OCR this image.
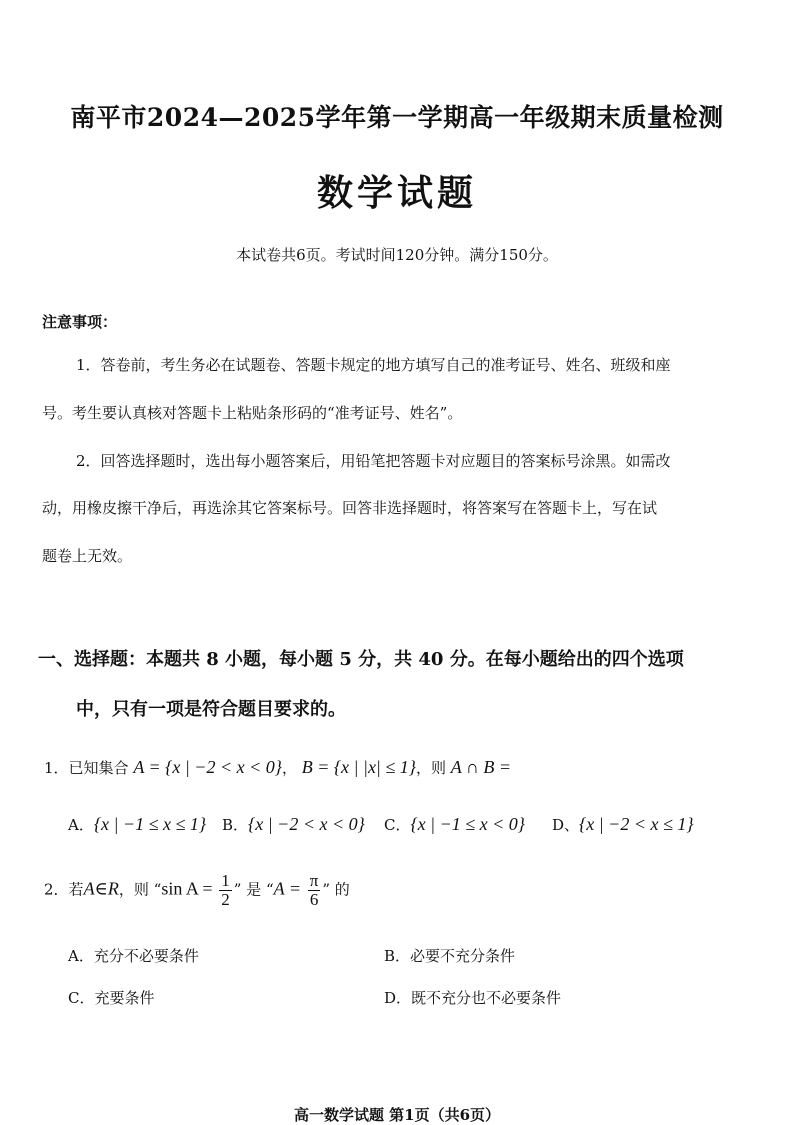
南平市2024—2025学年第一学期高一年级期末质量检测
数学试题
本试卷共6页。考试时间120分钟。满分150分。
注意事项：
1．答卷前，考生务必在试题卷、答题卡规定的地方填写自己的准考证号、姓名、班级和座
号。考生要认真核对答题卡上粘贴条形码的“准考证号、姓名”。
2．回答选择题时，选出每小题答案后，用铅笔把答题卡对应题目的答案标号涂黑。如需改
动，用橡皮擦干净后，再选涂其它答案标号。回答非选择题时，将答案写在答题卡上，写在试
题卷上无效。
一、选择题：本题共 8 小题，每小题 5 分，共 40 分。在每小题给出的四个选项
中，只有一项是符合题目要求的。
1．已知集合 A = {x | −2 < x < 0}， B = {x | |x| ≤ 1}，则 A ∩ B =
A．{x | −1 ≤ x ≤ 1} B．{x | −2 < x < 0} C．{x | −1 ≤ x < 0} D、{x | −2 < x ≤ 1}
2．若A∈R，则 “sin $A = \frac{1}{2}$ ” 是 “$A = \frac{\pi}{6}$ ” 的
A．充分不必要条件	B．必要不充分条件
C．充要条件	D．既不充分也不必要条件
高一数学试题 第1页（共6页）
